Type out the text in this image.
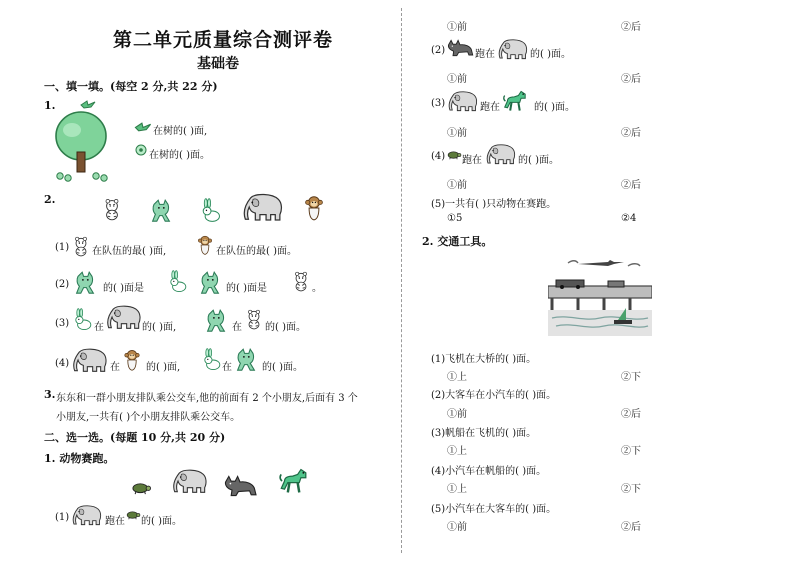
第二单元质量综合测评卷
基础卷
一、填一填。(每空 2 分,共 22 分)
1.
在树的( )面,
在树的( )面。
2.
(1) 在队伍的最( )面,	在队伍的最( )面。
(2)	的( )面是	的( )面是	。
(3) 在	的( )面,	在 的( )面。
(4)	在	的( )面,	在	的( )面。
3. 东东和一群小朋友排队乘公交车,他的前面有 2 个小朋友,后面有 3 个
小朋友,一共有( )个小朋友排队乘公交车。
二、选一选。(每题 10 分,共 20 分)
1. 动物赛跑。
(1)	跑在 的( )面。
①前	②后
(2)	跑在	的( )面。
①前	②后
(3)	跑在	的( )面。
①前	②后
(4) 跑在	的( )面。
①前	②后
(5)一共有( )只动物在赛跑。
①5	②4
2. 交通工具。
(1)飞机在大桥的( )面。
①上	②下
(2)大客车在小汽车的( )面。
①前	②后
(3)帆船在飞机的( )面。
①上	②下
(4)小汽车在帆船的( )面。
①上	②下
(5)小汽车在大客车的( )面。
①前	②后
